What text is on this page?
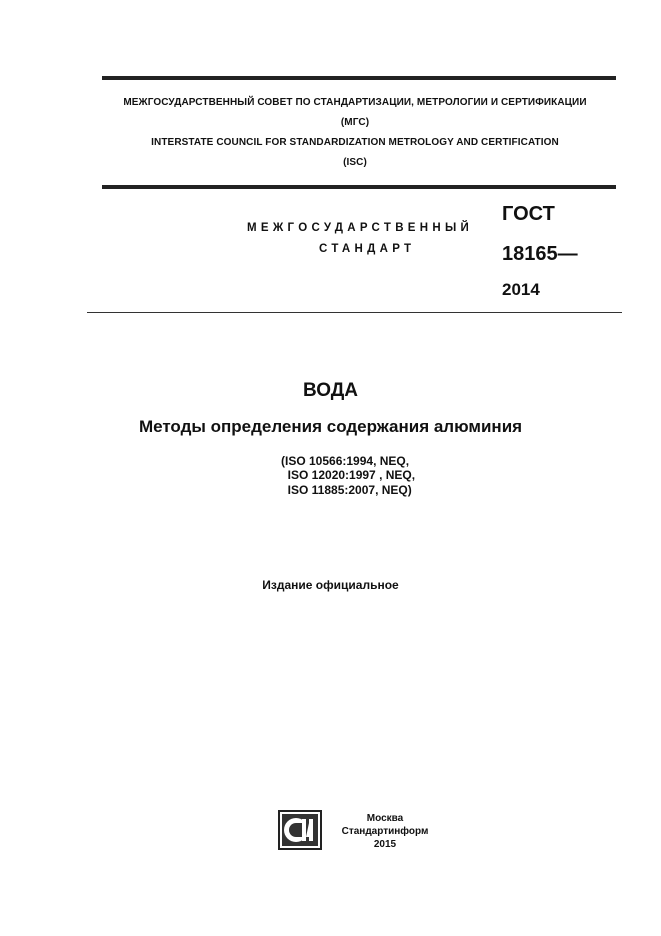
МЕЖГОСУДАРСТВЕННЫЙ СОВЕТ ПО СТАНДАРТИЗАЦИИ, МЕТРОЛОГИИ И СЕРТИФИКАЦИИ
(МГС)
INTERSTATE COUNCIL FOR STANDARDIZATION METROLOGY AND CERTIFICATION
(ISC)
МЕЖГОСУДАРСТВЕННЫЙ
СТАНДАРТ
ГОСТ
18165—
2014
ВОДА
Методы определения содержания алюминия
(ISO 10566:1994, NEQ,
ISO 12020:1997 , NEQ,
ISO 11885:2007, NEQ)
Издание официальное
Москва
Стандартинформ
2015
